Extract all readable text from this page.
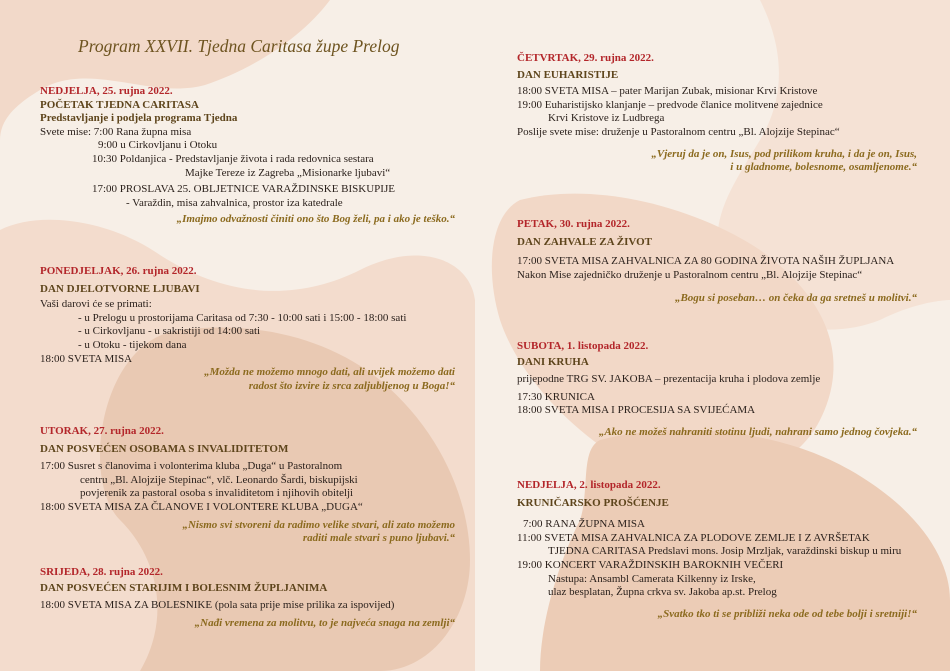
Program XXVII. Tjedna Caritasa župe Prelog
NEDJELJA, 25. rujna 2022.
POČETAK TJEDNA CARITASA
Predstavljanje i podjela programa Tjedna
Svete mise: 7:00 Rana župna misa
9:00 u Cirkovljanu i Otoku
10:30 Poldanjica - Predstavljanje života i rada redovnica sestara
Majke Tereze iz Zagreba „Misionarke ljubavi“
17:00 PROSLAVA 25. OBLJETNICE VARAŽDINSKE BISKUPIJE
- Varaždin, misa zahvalnica, prostor iza katedrale
„Imajmo odvažnosti činiti ono što Bog želi, pa i ako je teško.“
PONEDJELJAK, 26. rujna 2022.
DAN DJELOTVORNE LJUBAVI
Vaši darovi će se primati:
- u Prelogu u prostorijama Caritasa od 7:30 - 10:00 sati i 15:00 - 18:00 sati
- u Cirkovljanu - u sakristiji od 14:00 sati
- u Otoku - tijekom dana
18:00 SVETA MISA
„Možda ne možemo mnogo dati, ali uvijek možemo dati
radost što izvire iz srca zaljubljenog u Boga!“
UTORAK, 27. rujna 2022.
DAN POSVEĆEN OSOBAMA S INVALIDITETOM
17:00 Susret s članovima i volonterima kluba „Duga“ u Pastoralnom
centru „Bl. Alojzije Stepinac“, vlč. Leonardo Šardi, biskupijski
povjerenik za pastoral osoba s invaliditetom i njihovih obitelji
18:00 SVETA MISA ZA ČLANOVE I VOLONTERE KLUBA „DUGA“
„Nismo svi stvoreni da radimo velike stvari, ali zato možemo
raditi male stvari s puno ljubavi.“
SRIJEDA, 28. rujna 2022.
DAN POSVEĆEN STARIJIM I BOLESNIM ŽUPLJANIMA
18:00 SVETA MISA ZA BOLESNIKE (pola sata prije mise prilika za ispovijed)
„Nađi vremena za molitvu, to je najveća snaga na zemlji“
ČETVRTAK, 29. rujna 2022.
DAN EUHARISTIJE
18:00 SVETA MISA – pater Marijan Zubak, misionar Krvi Kristove
19:00 Euharistijsko klanjanje – predvode članice molitvene zajednice
Krvi Kristove iz Ludbrega
Poslije svete mise: druženje u Pastoralnom centru „Bl. Alojzije Stepinac“
„Vjeruj da je on, Isus, pod prilikom kruha, i da je on, Isus,
i u gladnome, bolesnome, osamljenome.“
PETAK, 30. rujna 2022.
DAN ZAHVALE ZA ŽIVOT
17:00 SVETA MISA ZAHVALNICA ZA 80 GODINA ŽIVOTA NAŠIH ŽUPLJANA
Nakon Mise zajedničko druženje u Pastoralnom centru „Bl. Alojzije Stepinac“
„Bogu si poseban… on čeka da ga sretneš u molitvi.“
SUBOTA, 1. listopada 2022.
DANI KRUHA
prijepodne TRG SV. JAKOBA – prezentacija kruha i plodova zemlje
17:30 KRUNICA
18:00 SVETA MISA I PROCESIJA SA SVIJEĆAMA
„Ako ne možeš nahraniti stotinu ljudi, nahrani samo jednog čovjeka.“
NEDJELJA, 2. listopada 2022.
KRUNIČARSKO PROŠĆENJE
7:00 RANA ŽUPNA MISA
11:00 SVETA MISA ZAHVALNICA ZA PLODOVE ZEMLJE I Z AVRŠETAK
TJEDNA CARITASA Predslavi mons. Josip Mrzljak, varaždinski biskup u miru
19:00 KONCERT VARAŽDINSKIH BAROKNIH VEČERI
Nastupa: Ansambl Camerata Kilkenny iz Irske,
ulaz besplatan, Župna crkva sv. Jakoba ap.st. Prelog
„Svatko tko ti se približi neka ode od tebe bolji i sretniji!“
